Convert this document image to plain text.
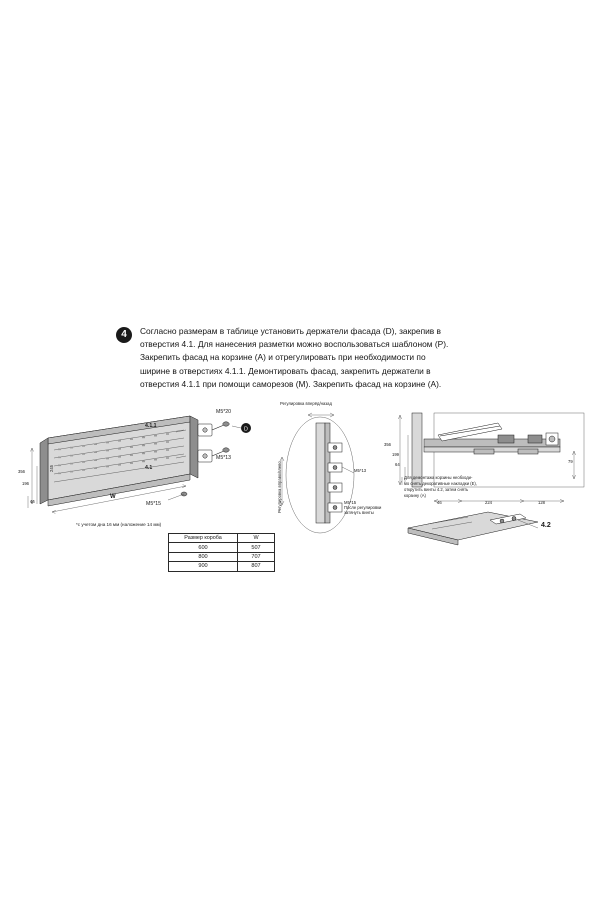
4	Согласно размерам в таблице установить держатели фасада (D), закрепив в
отверстия 4.1. Для нанесения разметки можно воспользоваться шаблоном (P).
Закрепить фасад на корзине (A) и отрегулировать при необходимости по
ширине в отверстиях 4.1.1. Демонтировать фасад, закрепить держатели в
отверстия 4.1.1 при помощи саморезов (M). Закрепить фасад на корзине (A).
D
4.1.1
4.1
M5*20
M5*13
M5*15
W
356
196
46
245
*с учетом дна 16 мм (наложение 14 мм)
Регулировка вперёд/назад
Регулировка вправо/влево	M5*13
M5*15
После регулировки
затянуть винты
356
199
64
46	224	128
79
4.2
Для демонтажа корзины необходи-
мо снять декоративные накладки (E),
открутить винты 4.2, затем снять
корзину (A)
Размер короба	W
600	507
800	707
900	807
